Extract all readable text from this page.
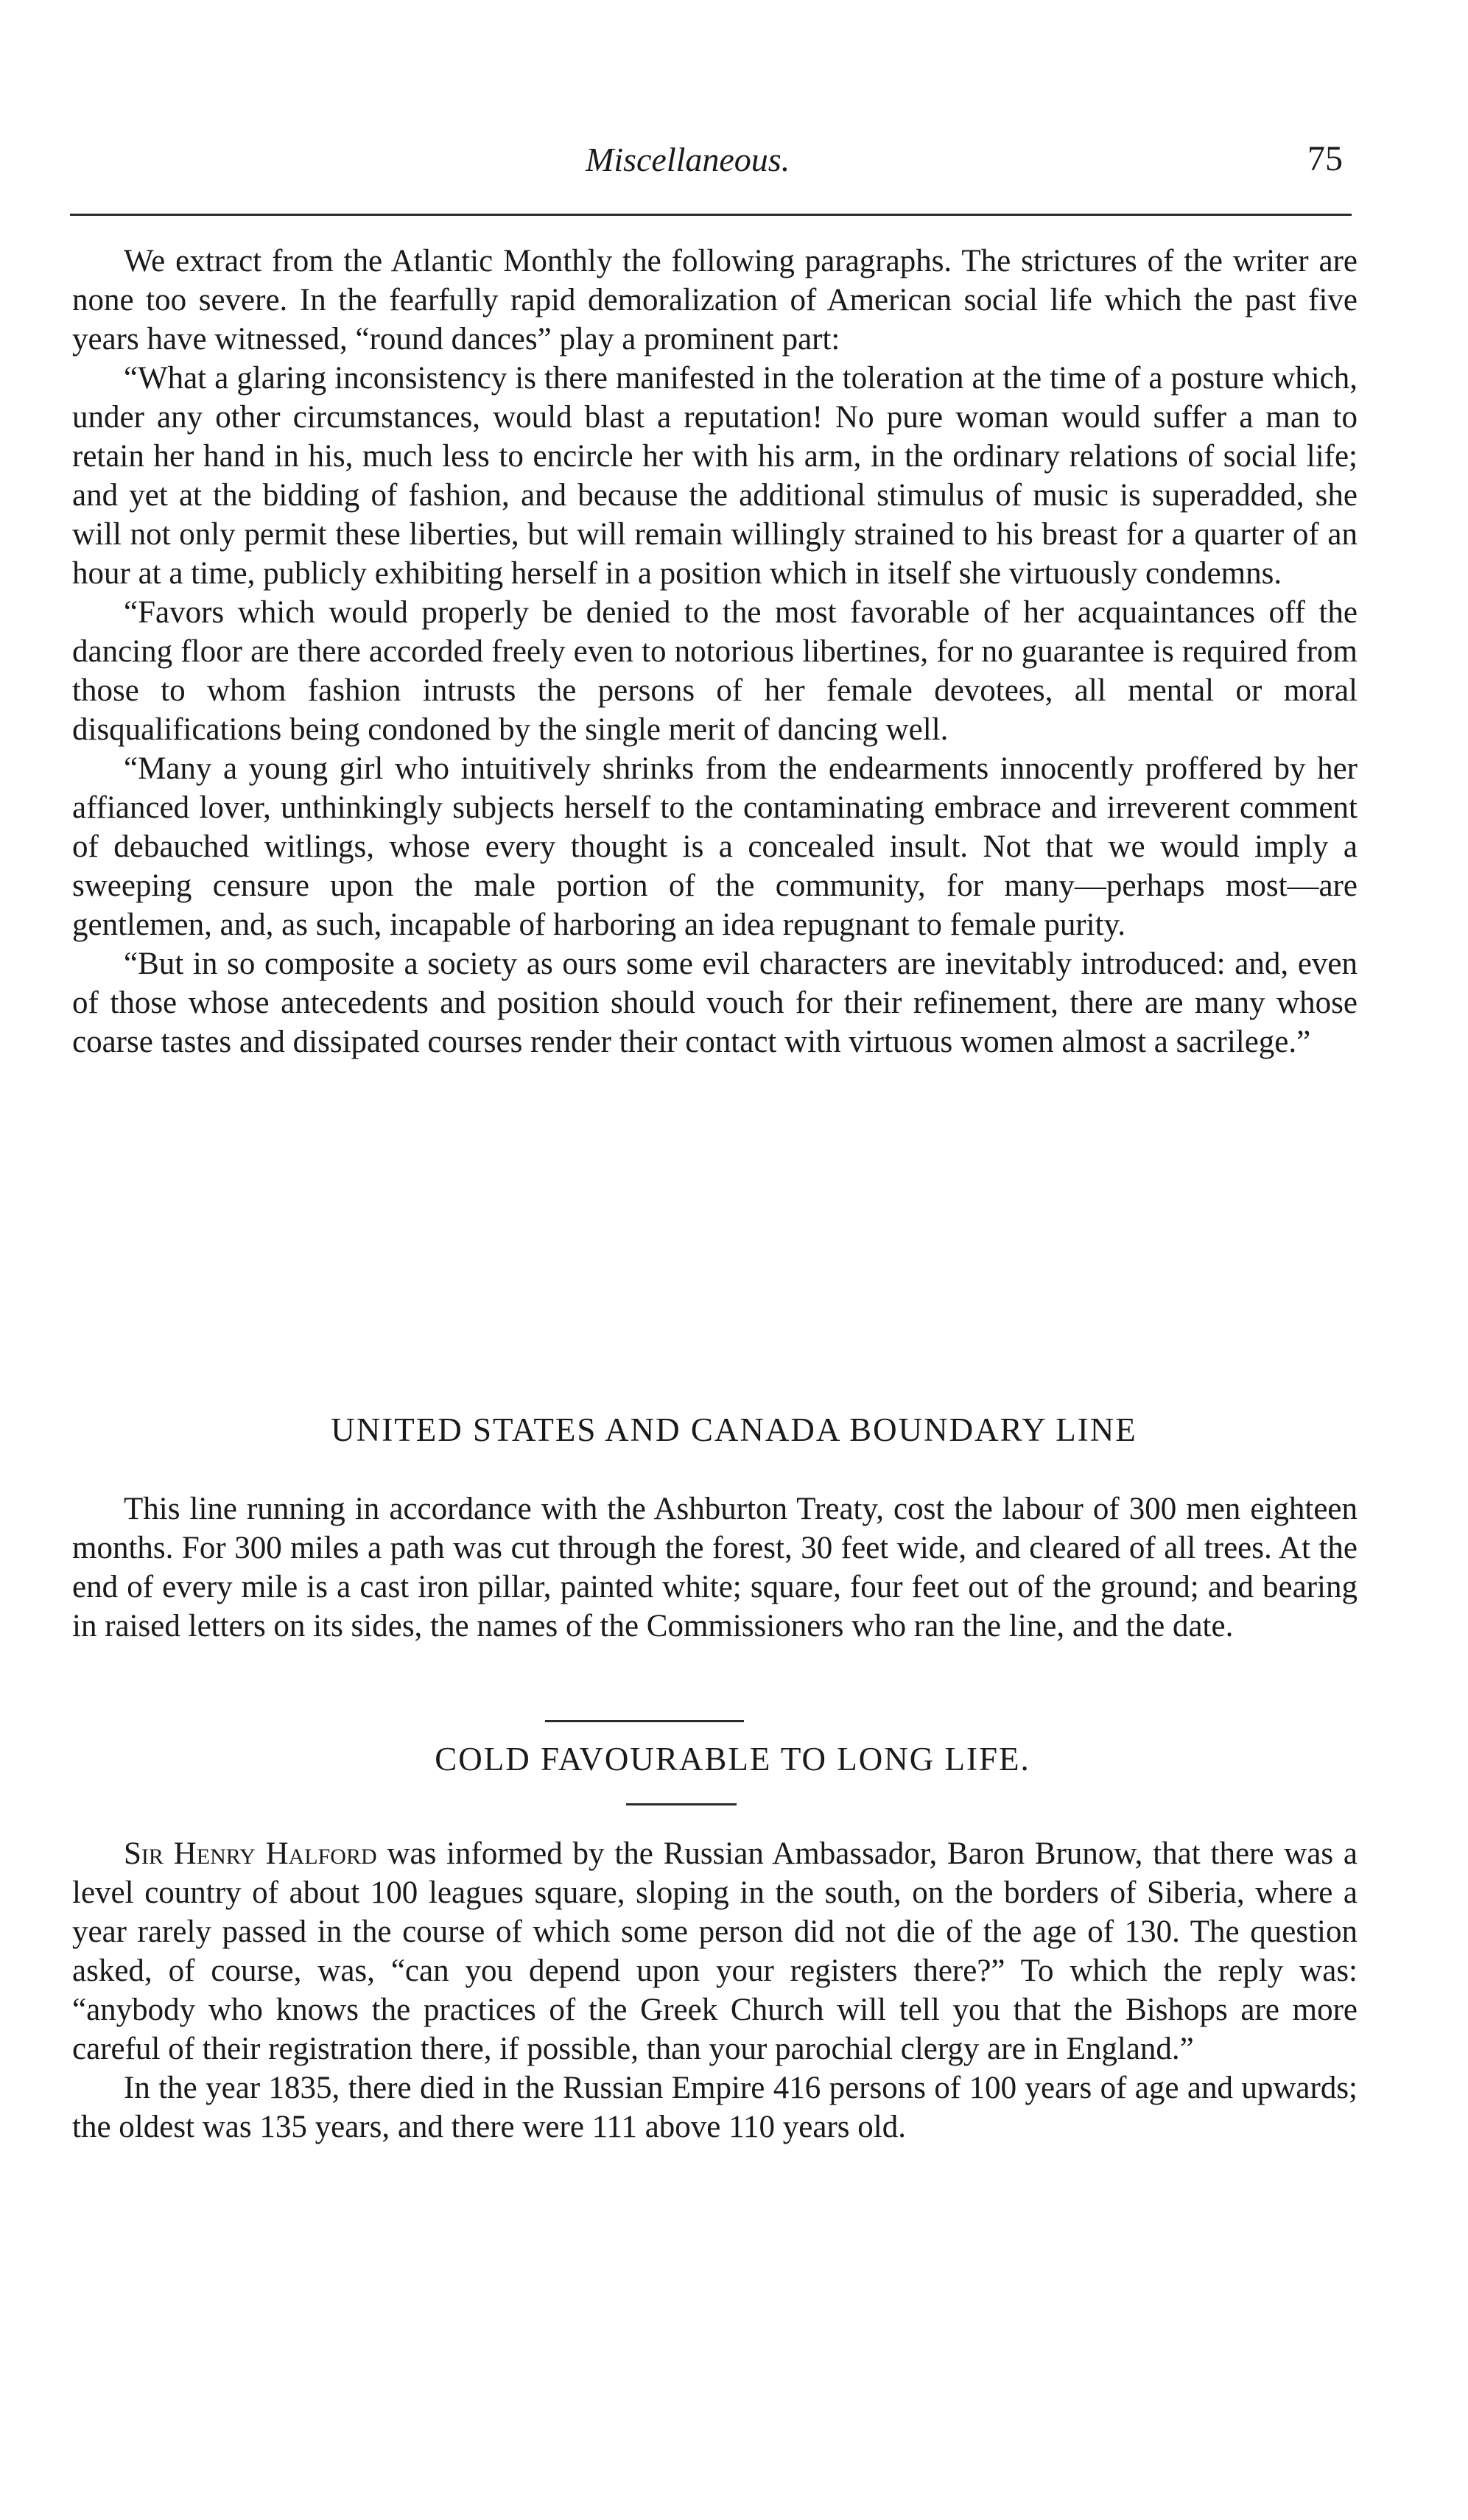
Miscellaneous.	75

We extract from the Atlantic Monthly the following paragraphs. The strictures of the writer are none too severe. In the fearfully rapid demoralization of American social life which the past five years have witnessed, “round dances” play a prominent part:

“What a glaring inconsistency is there manifested in the toleration at the time of a posture which, under any other circumstances, would blast a reputation! No pure woman would suffer a man to retain her hand in his, much less to encircle her with his arm, in the ordinary relations of social life; and yet at the bidding of fashion, and because the additional stimulus of music is superadded, she will not only permit these liberties, but will remain willingly strained to his breast for a quarter of an hour at a time, publicly exhibiting herself in a position which in itself she virtuously condemns.

“Favors which would properly be denied to the most favorable of her acquaintances off the dancing floor are there accorded freely even to notorious libertines, for no guarantee is required from those to whom fashion intrusts the persons of her female devotees, all mental or moral disqualifications being condoned by the single merit of dancing well.

“Many a young girl who intuitively shrinks from the endearments innocently proffered by her affianced lover, unthinkingly subjects herself to the contaminating embrace and irreverent comment of debauched witlings, whose every thought is a concealed insult. Not that we would imply a sweeping censure upon the male portion of the community, for many—perhaps most—are gentlemen, and, as such, incapable of harboring an idea repugnant to female purity.

“But in so composite a society as ours some evil characters are inevitably introduced: and, even of those whose antecedents and position should vouch for their refinement, there are many whose coarse tastes and dissipated courses render their contact with virtuous women almost a sacrilege.”

UNITED STATES AND CANADA BOUNDARY LINE

This line running in accordance with the Ashburton Treaty, cost the labour of 300 men eighteen months. For 300 miles a path was cut through the forest, 30 feet wide, and cleared of all trees. At the end of every mile is a cast iron pillar, painted white; square, four feet out of the ground; and bearing in raised letters on its sides, the names of the Commissioners who ran the line, and the date.

COLD FAVOURABLE TO LONG LIFE.

Sir Henry Halford was informed by the Russian Ambassador, Baron Brunow, that there was a level country of about 100 leagues square, sloping in the south, on the borders of Siberia, where a year rarely passed in the course of which some person did not die of the age of 130. The question asked, of course, was, “can you depend upon your registers there?” To which the reply was: “anybody who knows the practices of the Greek Church will tell you that the Bishops are more careful of their registration there, if possible, than your parochial clergy are in England.”

In the year 1835, there died in the Russian Empire 416 persons of 100 years of age and upwards; the oldest was 135 years, and there were 111 above 110 years old.
